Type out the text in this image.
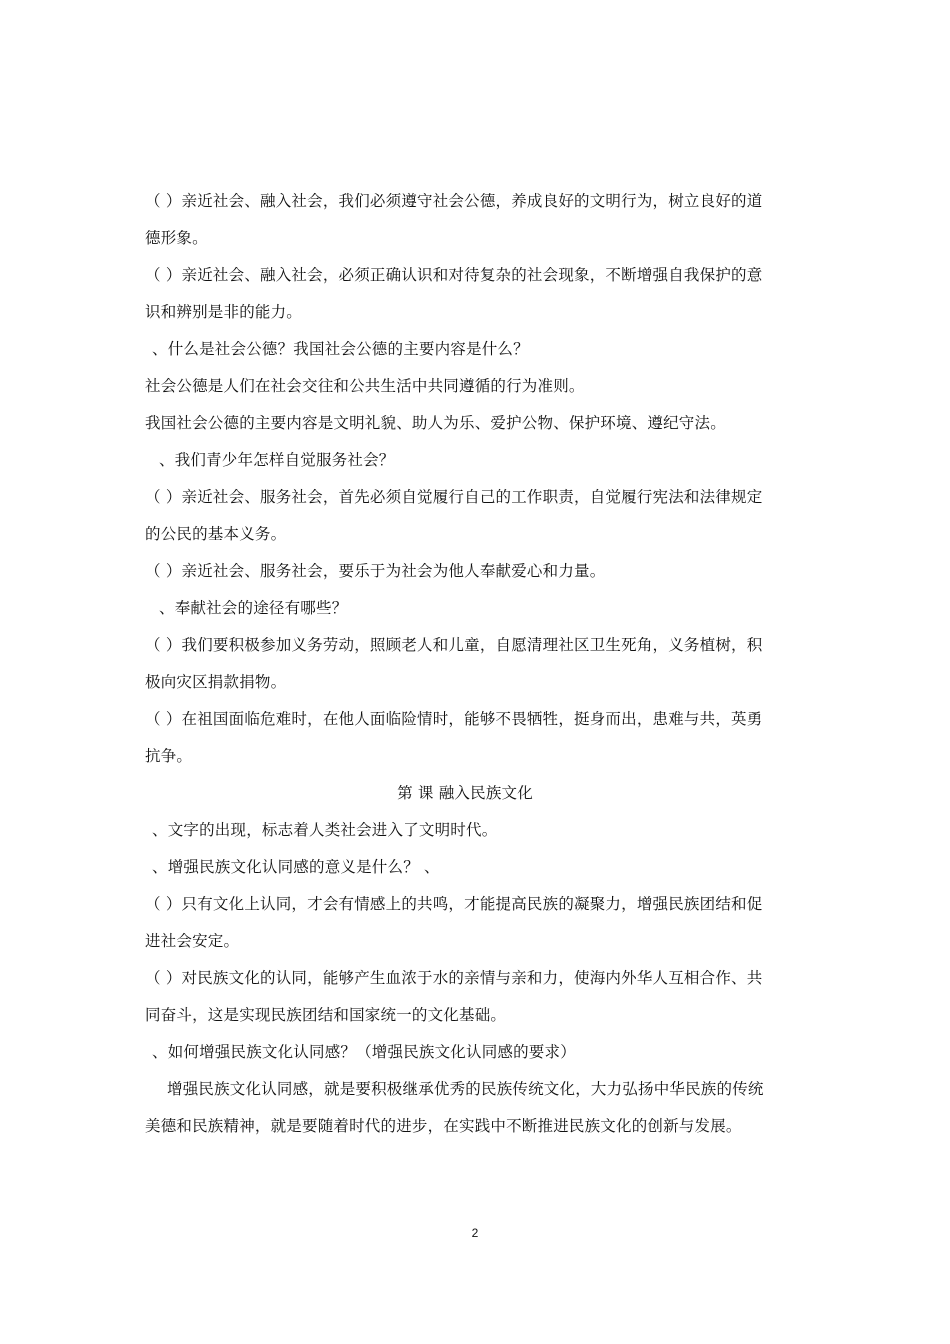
（ ）亲近社会、融入社会，我们必须遵守社会公德，养成良好的文明行为，树立良好的道
德形象。
（ ）亲近社会、融入社会，必须正确认识和对待复杂的社会现象，不断增强自我保护的意
识和辨别是非的能力。
、什么是社会公德？我国社会公德的主要内容是什么？
社会公德是人们在社会交往和公共生活中共同遵循的行为准则。
我国社会公德的主要内容是文明礼貌、助人为乐、爱护公物、保护环境、遵纪守法。
、我们青少年怎样自觉服务社会？
（ ）亲近社会、服务社会，首先必须自觉履行自己的工作职责，自觉履行宪法和法律规定
的公民的基本义务。
（ ）亲近社会、服务社会，要乐于为社会为他人奉献爱心和力量。
、奉献社会的途径有哪些？
（ ）我们要积极参加义务劳动，照顾老人和儿童，自愿清理社区卫生死角，义务植树，积
极向灾区捐款捐物。
（ ）在祖国面临危难时，在他人面临险情时，能够不畏牺牲，挺身而出，患难与共，英勇
抗争。
第 课 融入民族文化
、文字的出现，标志着人类社会进入了文明时代。
、增强民族文化认同感的意义是什么？ 、
（ ）只有文化上认同，才会有情感上的共鸣，才能提高民族的凝聚力，增强民族团结和促
进社会安定。
（ ）对民族文化的认同，能够产生血浓于水的亲情与亲和力，使海内外华人互相合作、共
同奋斗，这是实现民族团结和国家统一的文化基础。
、如何增强民族文化认同感？（增强民族文化认同感的要求）
增强民族文化认同感，就是要积极继承优秀的民族传统文化，大力弘扬中华民族的传统
美德和民族精神，就是要随着时代的进步，在实践中不断推进民族文化的创新与发展。
2
